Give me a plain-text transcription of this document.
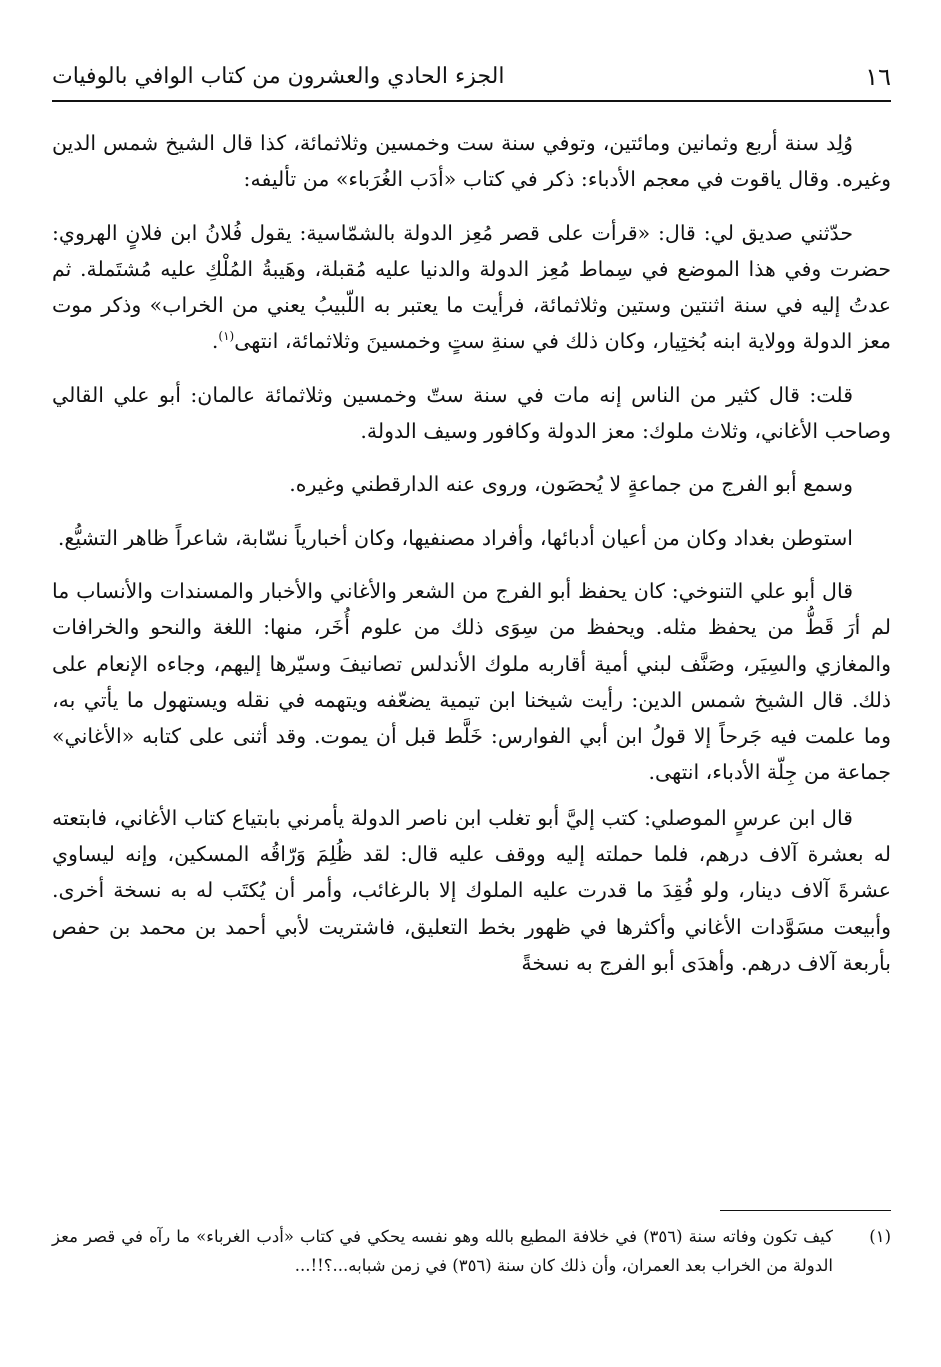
١٦
الجزء الحادي والعشرون من كتاب الوافي بالوفيات

وُلِد سنة أربع وثمانين ومائتين، وتوفي سنة ست وخمسين وثلاثمائة، كذا قال الشيخ شمس الدين وغيره. وقال ياقوت في معجم الأدباء: ذكر في كتاب «أدَب الغُرَباء» من تأليفه:

حدّثني صديق لي: قال: «قرأت على قصر مُعِز الدولة بالشمّاسية: يقول فُلانُ ابن فلانٍ الهروي: حضرت وفي هذا الموضع في سِماط مُعِز الدولة والدنيا عليه مُقبلة، وهَيبةُ المُلْكِ عليه مُشتَملة. ثم عدتُ إليه في سنة اثنتين وستين وثلاثمائة، فرأيت ما يعتبر به اللّبيبُ يعني من الخراب» وذكر موت معز الدولة وولاية ابنه بُختِيار، وكان ذلك في سنةِ ستٍ وخمسينَ وثلاثمائة، انتهى$^{(١)}$.

قلت: قال كثير من الناس إنه مات في سنة ستّ وخمسين وثلاثمائة عالمان: أبو علي القالي وصاحب الأغاني، وثلاث ملوك: معز الدولة وكافور وسيف الدولة.

وسمع أبو الفرج من جماعةٍ لا يُحصَون، وروى عنه الدارقطني وغيره.

استوطن بغداد وكان من أعيان أدبائها، وأفراد مصنفيها، وكان أخبارياً نسّابة، شاعراً ظاهر التشيُّع.

قال أبو علي التنوخي: كان يحفظ أبو الفرج من الشعر والأغاني والأخبار والمسندات والأنساب ما لم أرَ قَطُّ من يحفظ مثله. ويحفظ من سِوَى ذلك من علوم أُخَر، منها: اللغة والنحو والخرافات والمغازي والسِيَر، وصَنَّف لبني أمية أقاربه ملوك الأندلس تصانيفَ وسيّرها إليهم، وجاءه الإنعام على ذلك. قال الشيخ شمس الدين: رأيت شيخنا ابن تيمية يضعّفه ويتهمه في نقله ويستهول ما يأتي به، وما علمت فيه جَرحاً إلا قولُ ابن أبي الفوارس: خَلَّط قبل أن يموت. وقد أثنى على كتابه «الأغاني» جماعة من جِلّة الأدباء، انتهى.

قال ابن عرسٍ الموصلي: كتب إليَّ أبو تغلب ابن ناصر الدولة يأمرني بابتياع كتاب الأغاني، فابتعته له بعشرة آلاف درهم، فلما حملته إليه ووقف عليه قال: لقد ظُلِمَ وَرّاقُه المسكين، وإنه ليساوي عشرةَ آلاف دينار، ولو فُقِدَ ما قدرت عليه الملوك إلا بالرغائب، وأمر أن يُكتَب له به نسخة أخرى. وأبيعت مسَوَّدات الأغاني وأكثرها في ظهور بخط التعليق، فاشتريت لأبي أحمد بن محمد بن حفص بأربعة آلاف درهم. وأهدَى أبو الفرج به نسخةً

(١)
كيف تكون وفاته سنة (٣٥٦) في خلافة المطيع بالله وهو نفسه يحكي في كتاب «أدب الغرباء» ما رآه في قصر معز الدولة من الخراب بعد العمران، وأن ذلك كان سنة (٣٥٦) في زمن شبابه...؟!!...
